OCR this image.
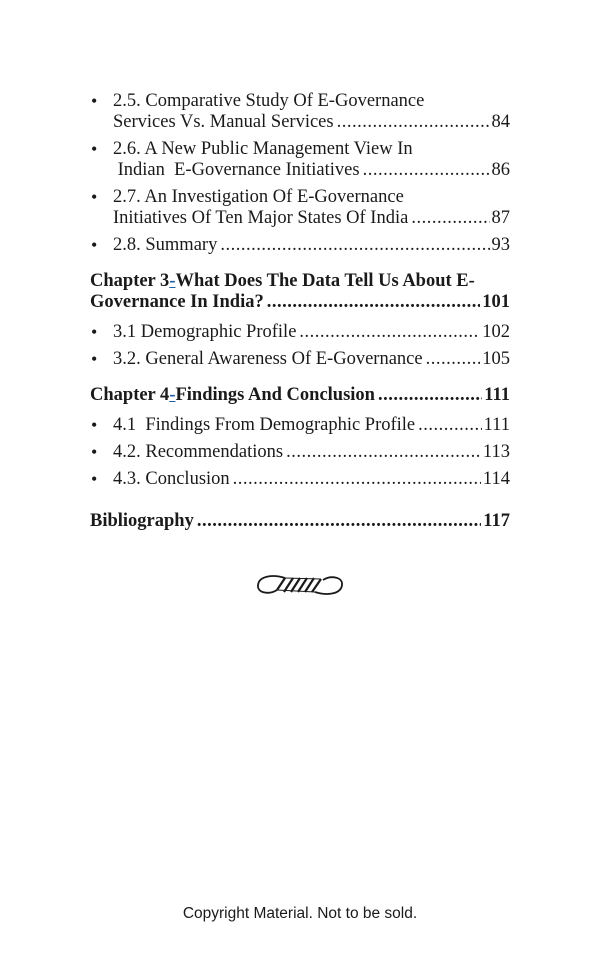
• 2.5. Comparative Study Of E-Governance
Services Vs. Manual Services .....	84
• 2.6. A New Public Management View In
Indian  E-Governance Initiatives .....	86
• 2.7. An Investigation Of E-Governance
Initiatives Of Ten Major States Of India .....	87
• 2.8. Summary .....	93
Chapter 3 - What Does The Data Tell Us About E-
Governance In India? .....	101
• 3.1 Demographic Profile .....	102
• 3.2. General Awareness Of E-Governance .....	105
Chapter 4 - Findings And Conclusion .....	111
• 4.1  Findings From Demographic Profile .....	111
• 4.2. Recommendations .....	113
• 4.3. Conclusion .....	114
Bibliography .....	117
Copyright Material. Not to be sold.
